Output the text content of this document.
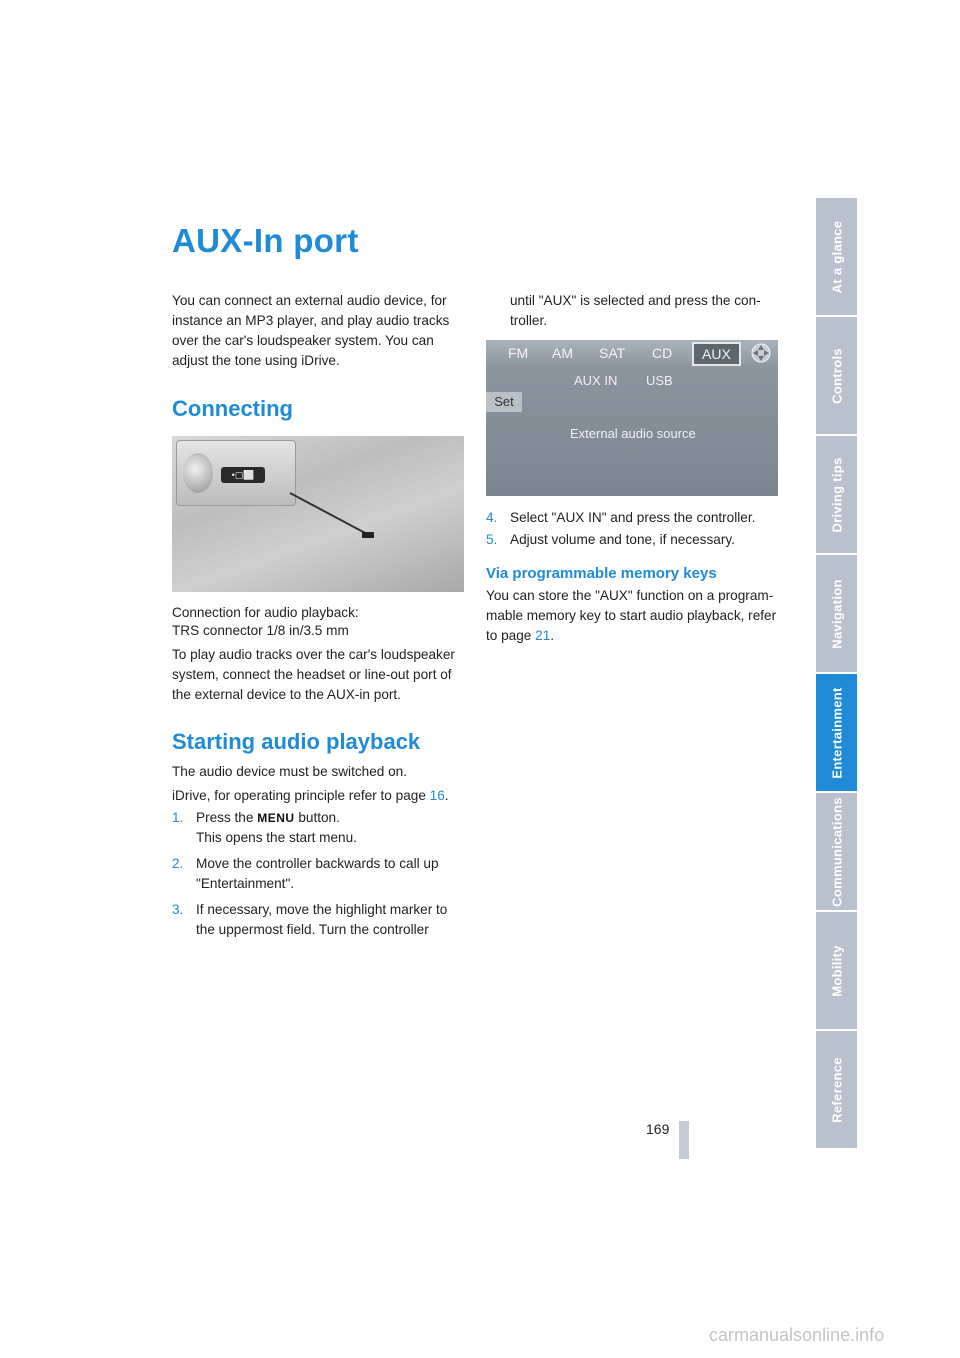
AUX-In port

You can connect an external audio device, for instance an MP3 player, and play audio tracks over the car's loudspeaker system. You can adjust the tone using iDrive.

Connecting
•▢⬜

Connection for audio playback:

TRS connector 1/8 in/3.5 mm

To play audio tracks over the car's loudspeaker system, connect the headset or line-out port of the external device to the AUX-in port.

Starting audio playback

The audio device must be switched on.

iDrive, for operating principle refer to page 16.

1. Press the MENU button.
This opens the start menu.
2. Move the controller backwards to call up "Entertainment".
3. If necessary, move the highlight marker to the uppermost field. Turn the controller

until "AUX" is selected and press the con-troller.

FM AM SAT CD	AUX
AUX IN USB
Set
External audio source
4. Select "AUX IN" and press the controller.
5. Adjust volume and tone, if necessary.
Via programmable memory keys

You can store the "AUX" function on a program-mable memory key to start audio playback, refer to page 21.

At a glance
Controls
Driving tips
Navigation
Entertainment
Communications
Mobility
Reference
169
carmanualsonline.info
